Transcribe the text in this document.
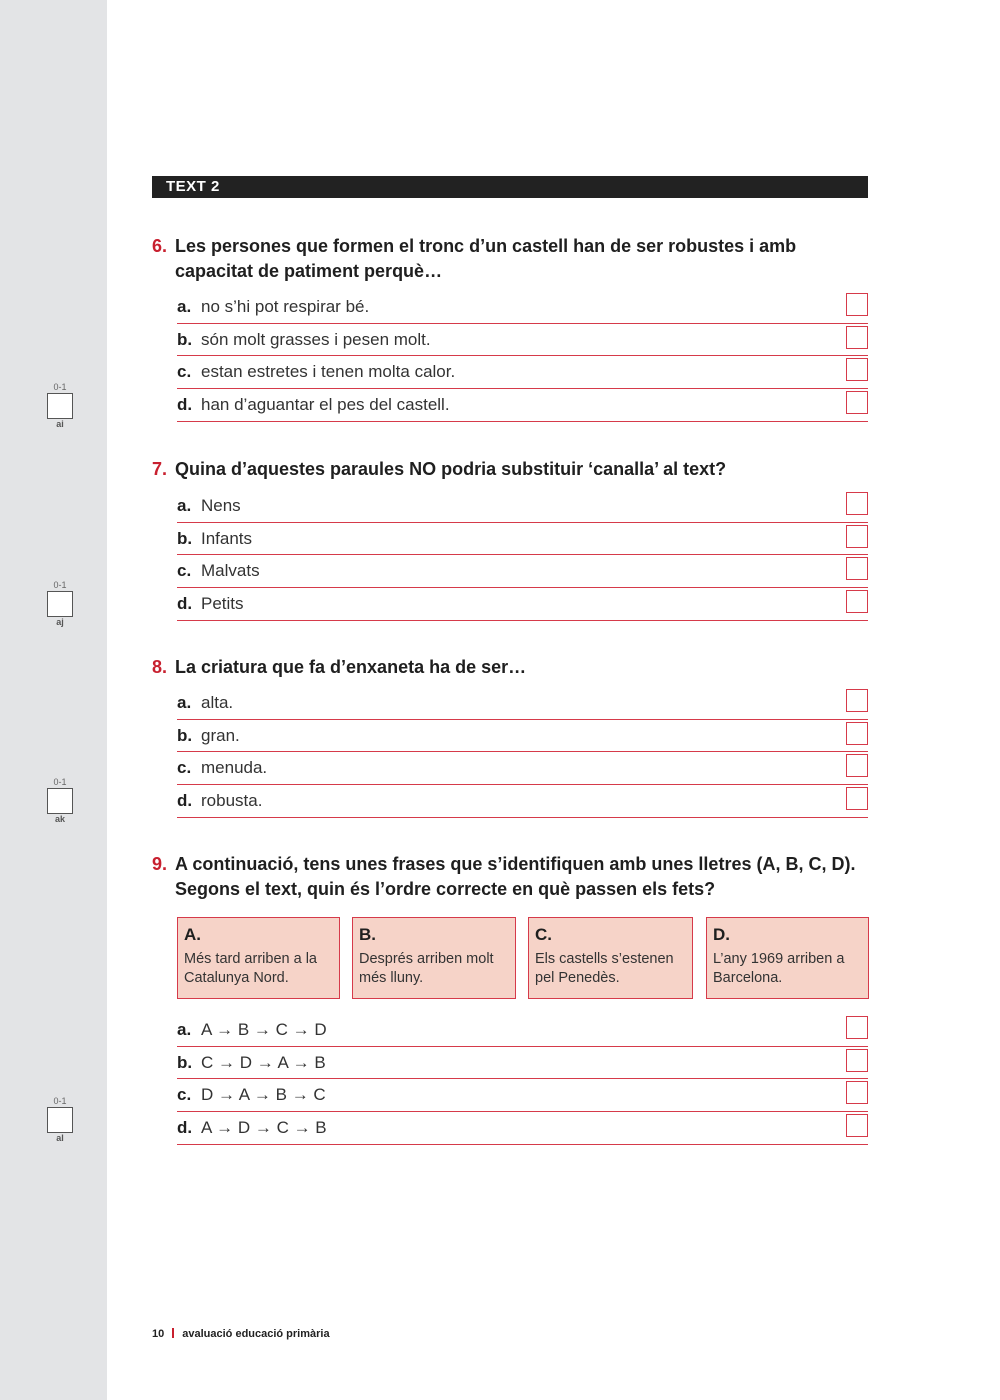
0-1
ai
0-1
aj
0-1
ak
0-1
al
TEXT 2
6. Les persones que formen el tronc d’un castell han de ser robustes i amb capacitat de patiment perquè…
a. no s’hi pot respirar bé.
b. són molt grasses i pesen molt.
c. estan estretes i tenen molta calor.
d. han d’aguantar el pes del castell.
7. Quina d’aquestes paraules NO podria substituir ‘canalla’ al text?
a. Nens
b. Infants
c. Malvats
d. Petits
8. La criatura que fa d’enxaneta ha de ser…
a. alta.
b. gran.
c. menuda.
d. robusta.
9. A continuació, tens unes frases que s’identifiquen amb unes lletres (A, B, C, D). Segons el text, quin és l’ordre correcte en què passen els fets?
A.
Més tard arriben a la Catalunya Nord.
B.
Després arriben molt més lluny.
C.
Els castells s’estenen pel Penedès.
D.
L’any 1969 arriben a Barcelona.
a. A → B → C → D
b. C → D → A → B
c. D → A → B → C
d. A → D → C → B
10 avaluació educació primària
